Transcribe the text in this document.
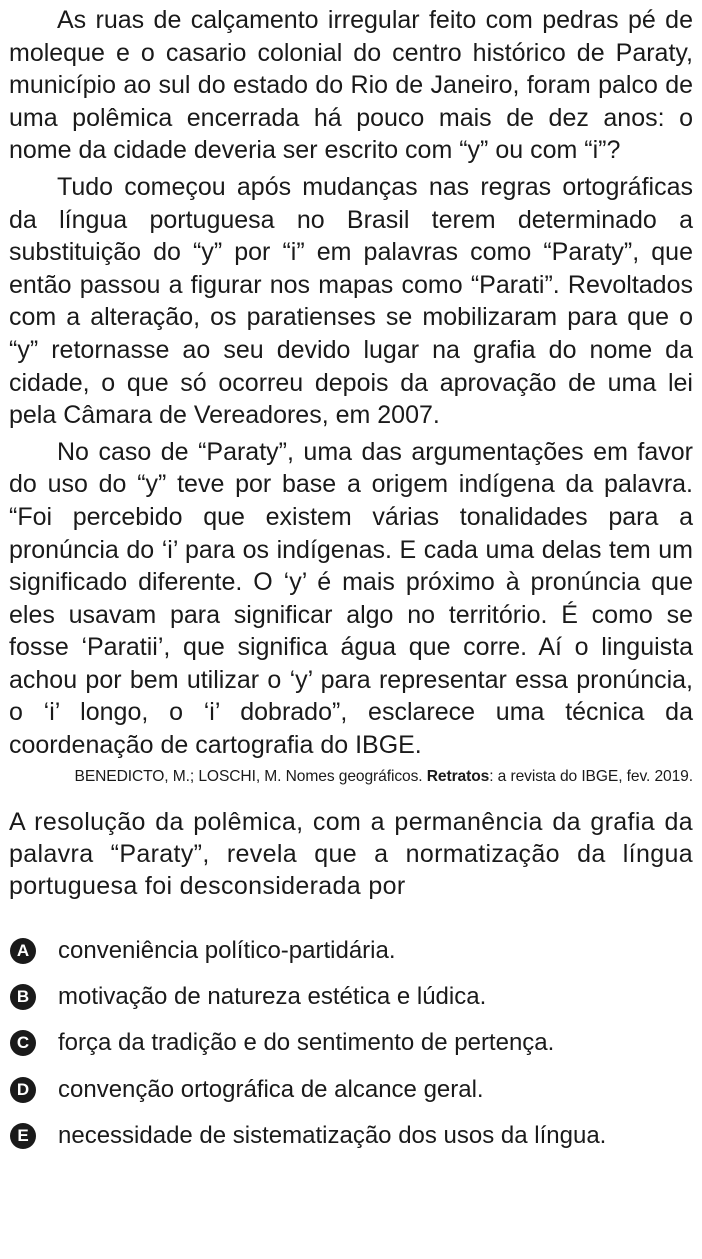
As ruas de calçamento irregular feito com pedras pé de moleque e o casario colonial do centro histórico de Paraty, município ao sul do estado do Rio de Janeiro, foram palco de uma polêmica encerrada há pouco mais de dez anos: o nome da cidade deveria ser escrito com “y” ou com “i”?

Tudo começou após mudanças nas regras ortográficas da língua portuguesa no Brasil terem determinado a substituição do “y” por “i” em palavras como “Paraty”, que então passou a figurar nos mapas como “Parati”. Revoltados com a alteração, os paratienses se mobilizaram para que o “y” retornasse ao seu devido lugar na grafia do nome da cidade, o que só ocorreu depois da aprovação de uma lei pela Câmara de Vereadores, em 2007.

No caso de “Paraty”, uma das argumentações em favor do uso do “y” teve por base a origem indígena da palavra. “Foi percebido que existem várias tonalidades para a pronúncia do ‘i’ para os indígenas. E cada uma delas tem um significado diferente. O ‘y’ é mais próximo à pronúncia que eles usavam para significar algo no território. É como se fosse ‘Paratii’, que significa água que corre. Aí o linguista achou por bem utilizar o ‘y’ para representar essa pronúncia, o ‘i’ longo, o ‘i’ dobrado”, esclarece uma técnica da coordenação de cartografia do IBGE.

BENEDICTO, M.; LOSCHI, M. Nomes geográficos. Retratos: a revista do IBGE, fev. 2019.

A resolução da polêmica, com a permanência da grafia da palavra “Paraty”, revela que a normatização da língua portuguesa foi desconsiderada por

A conveniência político-partidária.
B motivação de natureza estética e lúdica.
C força da tradição e do sentimento de pertença.
D convenção ortográfica de alcance geral.
E	necessidade de sistematização dos usos da língua.
